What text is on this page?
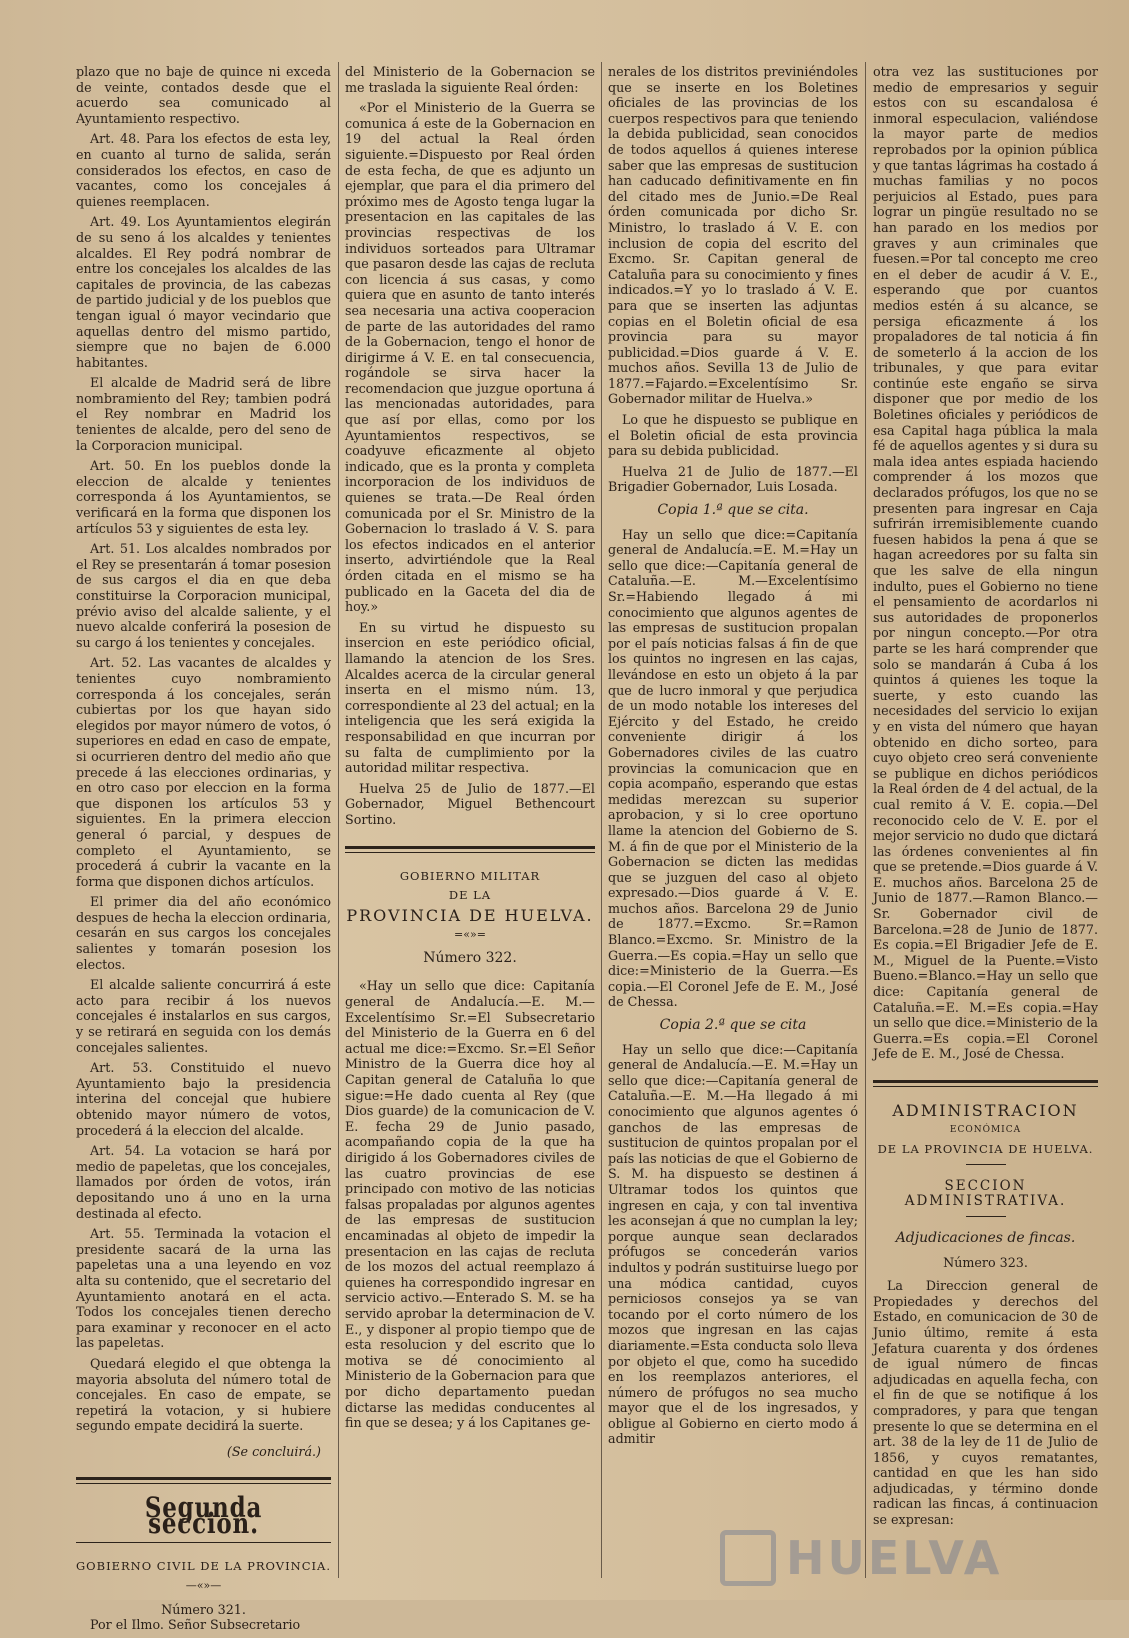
plazo que no baje de quince ni exceda de veinte, contados desde que el acuerdo sea comunicado al Ayuntamiento respectivo.

Art. 48. Para los efectos de esta ley, en cuanto al turno de salida, serán considerados los efectos, en caso de vacantes, como los concejales á quienes reemplacen.

Art. 49. Los Ayuntamientos elegirán de su seno á los alcaldes y tenientes alcaldes. El Rey podrá nombrar de entre los concejales los alcaldes de las capitales de provincia, de las cabezas de partido judicial y de los pueblos que tengan igual ó mayor vecindario que aquellas dentro del mismo partido, siempre que no bajen de 6.000 habitantes.

El alcalde de Madrid será de libre nombramiento del Rey; tambien podrá el Rey nombrar en Madrid los tenientes de alcalde, pero del seno de la Corporacion municipal.

Art. 50. En los pueblos donde la eleccion de alcalde y tenientes corresponda á los Ayuntamientos, se verificará en la forma que disponen los artículos 53 y siguientes de esta ley.

Art. 51. Los alcaldes nombrados por el Rey se presentarán á tomar posesion de sus cargos el dia en que deba constituirse la Corporacion municipal, prévio aviso del alcalde saliente, y el nuevo alcalde conferirá la posesion de su cargo á los tenientes y concejales.

Art. 52. Las vacantes de alcaldes y tenientes cuyo nombramiento corresponda á los concejales, serán cubiertas por los que hayan sido elegidos por mayor número de votos, ó superiores en edad en caso de empate, si ocurrieren dentro del medio año que precede á las elecciones ordinarias, y en otro caso por eleccion en la forma que disponen los artículos 53 y siguientes. En la primera eleccion general ó parcial, y despues de completo el Ayuntamiento, se procederá á cubrir la vacante en la forma que disponen dichos artículos.

El primer dia del año económico despues de hecha la eleccion ordinaria, cesarán en sus cargos los concejales salientes y tomarán posesion los electos.

El alcalde saliente concurrirá á este acto para recibir á los nuevos concejales é instalarlos en sus cargos, y se retirará en seguida con los demás concejales salientes.

Art. 53. Constituido el nuevo Ayuntamiento bajo la presidencia interina del concejal que hubiere obtenido mayor número de votos, procederá á la eleccion del alcalde.

Art. 54. La votacion se hará por medio de papeletas, que los concejales, llamados por órden de votos, irán depositando uno á uno en la urna destinada al efecto.

Art. 55. Terminada la votacion el presidente sacará de la urna las papeletas una a una leyendo en voz alta su contenido, que el secretario del Ayuntamiento anotará en el acta. Todos los concejales tienen derecho para examinar y reconocer en el acto las papeletas.

Quedará elegido el que obtenga la mayoria absoluta del número total de concejales. En caso de empate, se repetirá la votacion, y si hubiere segundo empate decidirá la suerte.

(Se concluirá.)
Segunda seccion.
GOBIERNO CIVIL DE LA PROVINCIA.
—«»—
Número 321.

Por el Ilmo. Señor Subsecretario

del Ministerio de la Gobernacion se me traslada la siguiente Real órden:

«Por el Ministerio de la Guerra se comunica á este de la Gobernacion en 19 del actual la Real órden siguiente.=Dispuesto por Real órden de esta fecha, de que es adjunto un ejemplar, que para el dia primero del próximo mes de Agosto tenga lugar la presentacion en las capitales de las provincias respectivas de los individuos sorteados para Ultramar que pasaron desde las cajas de recluta con licencia á sus casas, y como quiera que en asunto de tanto interés sea necesaria una activa cooperacion de parte de las autoridades del ramo de la Gobernacion, tengo el honor de dirigirme á V. E. en tal consecuencia, rogándole se sirva hacer la recomendacion que juzgue oportuna á las mencionadas autoridades, para que así por ellas, como por los Ayuntamientos respectivos, se coadyuve eficazmente al objeto indicado, que es la pronta y completa incorporacion de los individuos de quienes se trata.—De Real órden comunicada por el Sr. Ministro de la Gobernacion lo traslado á V. S. para los efectos indicados en el anterior inserto, advirtiéndole que la Real órden citada en el mismo se ha publicado en la Gaceta del dia de hoy.»

En su virtud he dispuesto su insercion en este periódico oficial, llamando la atencion de los Sres. Alcaldes acerca de la circular general inserta en el mismo núm. 13, correspondiente al 23 del actual; en la inteligencia que les será exigida la responsabilidad en que incurran por su falta de cumplimiento por la autoridad militar respectiva.

Huelva 25 de Julio de 1877.—El Gobernador, Miguel Bethencourt Sortino.

GOBIERNO MILITAR
DE LA
PROVINCIA DE HUELVA.
=«»=
Número 322.

«Hay un sello que dice: Capitanía general de Andalucía.—E. M.—Excelentísimo Sr.=El Subsecretario del Ministerio de la Guerra en 6 del actual me dice:=Excmo. Sr.=El Señor Ministro de la Guerra dice hoy al Capitan general de Cataluña lo que sigue:=He dado cuenta al Rey (que Dios guarde) de la comunicacion de V. E. fecha 29 de Junio pasado, acompañando copia de la que ha dirigido á los Gobernadores civiles de las cuatro provincias de ese principado con motivo de las noticias falsas propaladas por algunos agentes de las empresas de sustitucion encaminadas al objeto de impedir la presentacion en las cajas de recluta de los mozos del actual reemplazo á quienes ha correspondido ingresar en servicio activo.—Enterado S. M. se ha servido aprobar la determinacion de V. E., y disponer al propio tiempo que de esta resolucion y del escrito que lo motiva se dé conocimiento al Ministerio de la Gobernacion para que por dicho departamento puedan dictarse las medidas conducentes al fin que se desea; y á los Capitanes ge-

nerales de los distritos previniéndoles que se inserte en los Boletines oficiales de las provincias de los cuerpos respectivos para que teniendo la debida publicidad, sean conocidos de todos aquellos á quienes interese saber que las empresas de sustitucion han caducado definitivamente en fin del citado mes de Junio.=De Real órden comunicada por dicho Sr. Ministro, lo traslado á V. E. con inclusion de copia del escrito del Excmo. Sr. Capitan general de Cataluña para su conocimiento y fines indicados.=Y yo lo traslado á V. E. para que se inserten las adjuntas copias en el Boletin oficial de esa provincia para su mayor publicidad.=Dios guarde á V. E. muchos años. Sevilla 13 de Julio de 1877.=Fajardo.=Excelentísimo Sr. Gobernador militar de Huelva.»

Lo que he dispuesto se publique en el Boletin oficial de esta provincia para su debida publicidad.

Huelva 21 de Julio de 1877.—El Brigadier Gobernador, Luis Losada.

Copia 1.ª que se cita.

Hay un sello que dice:=Capitanía general de Andalucía.=E. M.=Hay un sello que dice:—Capitanía general de Cataluña.—E. M.—Excelentísimo Sr.=Habiendo llegado á mi conocimiento que algunos agentes de las empresas de sustitucion propalan por el país noticias falsas á fin de que los quintos no ingresen en las cajas, llevándose en esto un objeto á la par que de lucro inmoral y que perjudica de un modo notable los intereses del Ejército y del Estado, he creido conveniente dirigir á los Gobernadores civiles de las cuatro provincias la comunicacion que en copia acompaño, esperando que estas medidas merezcan su superior aprobacion, y si lo cree oportuno llame la atencion del Gobierno de S. M. á fin de que por el Ministerio de la Gobernacion se dicten las medidas que se juzguen del caso al objeto expresado.—Dios guarde á V. E. muchos años. Barcelona 29 de Junio de 1877.=Excmo. Sr.=Ramon Blanco.=Excmo. Sr. Ministro de la Guerra.—Es copia.=Hay un sello que dice:=Ministerio de la Guerra.—Es copia.—El Coronel Jefe de E. M., José de Chessa.

Copia 2.ª que se cita

Hay un sello que dice:—Capitanía general de Andalucía.—E. M.=Hay un sello que dice:—Capitanía general de Cataluña.—E. M.—Ha llegado á mi conocimiento que algunos agentes ó ganchos de las empresas de sustitucion de quintos propalan por el país las noticias de que el Gobierno de S. M. ha dispuesto se destinen á Ultramar todos los quintos que ingresen en caja, y con tal inventiva les aconsejan á que no cumplan la ley; porque aunque sean declarados prófugos se concederán varios indultos y podrán sustituirse luego por una módica cantidad, cuyos perniciosos consejos ya se van tocando por el corto número de los mozos que ingresan en las cajas diariamente.=Esta conducta solo lleva por objeto el que, como ha sucedido en los reemplazos anteriores, el número de prófugos no sea mucho mayor que el de los ingresados, y obligue al Gobierno en cierto modo á admitir

otra vez las sustituciones por medio de empresarios y seguir estos con su escandalosa é inmoral especulacion, valiéndose la mayor parte de medios reprobados por la opinion pública y que tantas lágrimas ha costado á muchas familias y no pocos perjuicios al Estado, pues para lograr un pingüe resultado no se han parado en los medios por graves y aun criminales que fuesen.=Por tal concepto me creo en el deber de acudir á V. E., esperando que por cuantos medios estén á su alcance, se persiga eficazmente á los propaladores de tal noticia á fin de someterlo á la accion de los tribunales, y que para evitar continúe este engaño se sirva disponer que por medio de los Boletines oficiales y periódicos de esa Capital haga pública la mala fé de aquellos agentes y si dura su mala idea antes espiada haciendo comprender á los mozos que declarados prófugos, los que no se presenten para ingresar en Caja sufrirán irremisiblemente cuando fuesen habidos la pena á que se hagan acreedores por su falta sin que les salve de ella ningun indulto, pues el Gobierno no tiene el pensamiento de acordarlos ni sus autoridades de proponerlos por ningun concepto.—Por otra parte se les hará comprender que solo se mandarán á Cuba á los quintos á quienes les toque la suerte, y esto cuando las necesidades del servicio lo exijan y en vista del número que hayan obtenido en dicho sorteo, para cuyo objeto creo será conveniente se publique en dichos periódicos la Real órden de 4 del actual, de la cual remito á V. E. copia.—Del reconocido celo de V. E. por el mejor servicio no dudo que dictará las órdenes convenientes al fin que se pretende.=Dios guarde á V. E. muchos años. Barcelona 25 de Junio de 1877.—Ramon Blanco.—Sr. Gobernador civil de Barcelona.=28 de Junio de 1877. Es copia.=El Brigadier Jefe de E. M., Miguel de la Puente.=Visto Bueno.=Blanco.=Hay un sello que dice: Capitanía general de Cataluña.=E. M.=Es copia.=Hay un sello que dice.=Ministerio de la Guerra.=Es copia.=El Coronel Jefe de E. M., José de Chessa.

ADMINISTRACION
ECONÓMICA
DE LA PROVINCIA DE HUELVA.
SECCION ADMINISTRATIVA.
Adjudicaciones de fincas.
Número 323.

La Direccion general de Propiedades y derechos del Estado, en comunicacion de 30 de Junio último, remite á esta Jefatura cuarenta y dos órdenes de igual número de fincas adjudicadas en aquella fecha, con el fin de que se notifique á los compradores, y para que tengan presente lo que se determina en el art. 38 de la ley de 11 de Julio de 1856, y cuyos rematantes, cantidad en que les han sido adjudicadas, y término donde radican las fincas, á continuacion se expresan:

HUELVA
